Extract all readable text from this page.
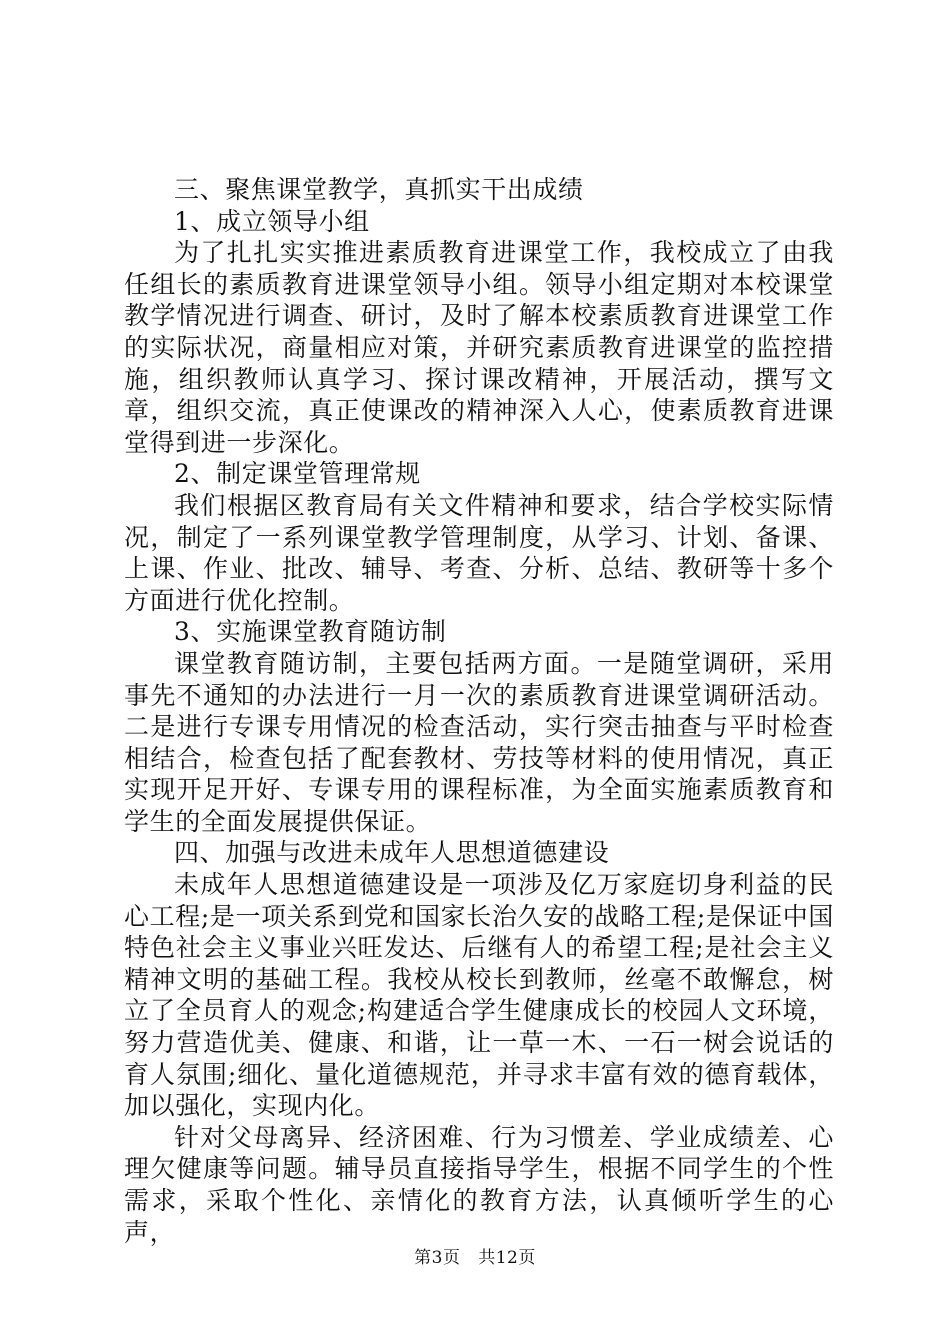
三、聚焦课堂教学，真抓实干出成绩

1、成立领导小组

为了扎扎实实推进素质教育进课堂工作，我校成立了由我任组长的素质教育进课堂领导小组。领导小组定期对本校课堂教学情况进行调查、研讨，及时了解本校素质教育进课堂工作的实际状况，商量相应对策，并研究素质教育进课堂的监控措施，组织教师认真学习、探讨课改精神，开展活动，撰写文章，组织交流，真正使课改的精神深入人心，使素质教育进课堂得到进一步深化。

2、制定课堂管理常规

我们根据区教育局有关文件精神和要求，结合学校实际情况，制定了一系列课堂教学管理制度，从学习、计划、备课、上课、作业、批改、辅导、考查、分析、总结、教研等十多个方面进行优化控制。

3、实施课堂教育随访制

课堂教育随访制，主要包括两方面。一是随堂调研，采用事先不通知的办法进行一月一次的素质教育进课堂调研活动。二是进行专课专用情况的检查活动，实行突击抽查与平时检查相结合，检查包括了配套教材、劳技等材料的使用情况，真正实现开足开好、专课专用的课程标准，为全面实施素质教育和学生的全面发展提供保证。

四、加强与改进未成年人思想道德建设

未成年人思想道德建设是一项涉及亿万家庭切身利益的民心工程;是一项关系到党和国家长治久安的战略工程;是保证中国特色社会主义事业兴旺发达、后继有人的希望工程;是社会主义精神文明的基础工程。我校从校长到教师，丝毫不敢懈怠，树立了全员育人的观念;构建适合学生健康成长的校园人文环境，努力营造优美、健康、和谐，让一草一木、一石一树会说话的育人氛围;细化、量化道德规范，并寻求丰富有效的德育载体，加以强化，实现内化。

针对父母离异、经济困难、行为习惯差、学业成绩差、心理欠健康等问题。辅导员直接指导学生，根据不同学生的个性需求，采取个性化、亲情化的教育方法，认真倾听学生的心声，

第3页 共12页
